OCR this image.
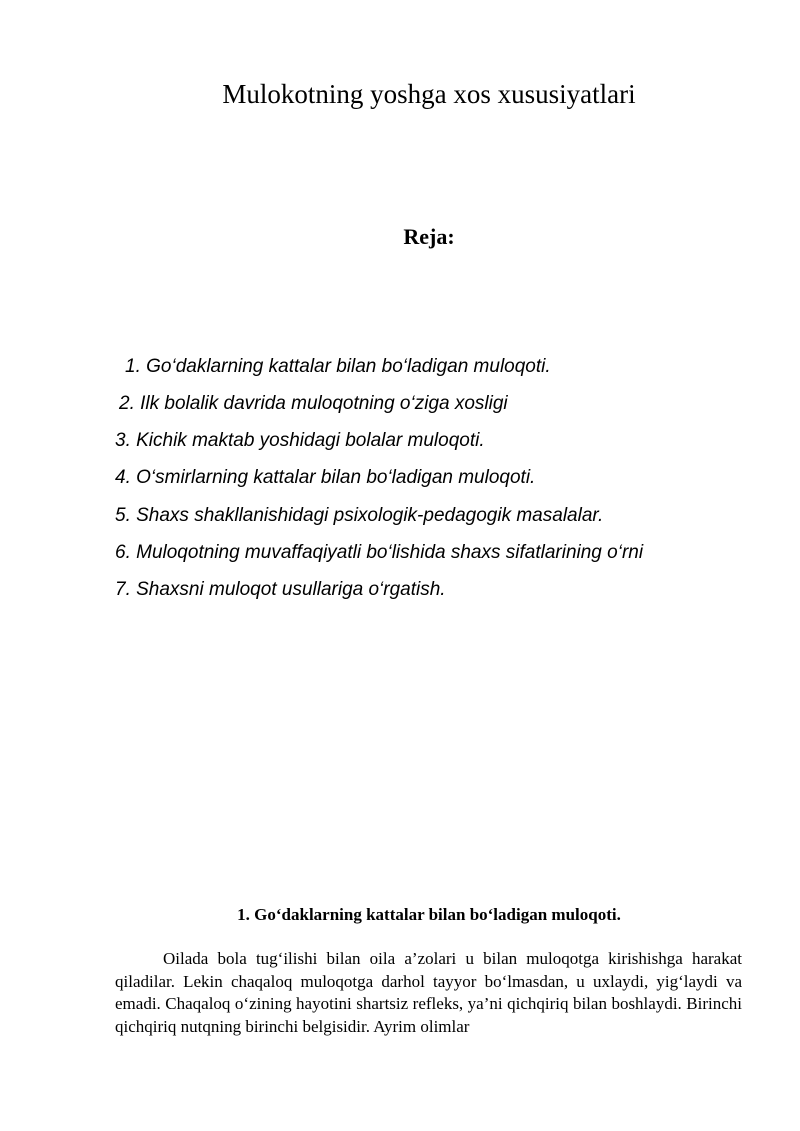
Mulokotning yoshga xos xususiyatlari
Reja:
1. Go‘daklarning kattalar bilan bo‘ladigan muloqoti.
2. Ilk bolalik davrida muloqotning o‘ziga xosligi
3. Kichik maktab yoshidagi bolalar muloqoti.
4. O‘smirlarning kattalar bilan bo‘ladigan muloqoti.
5. Shaxs shakllanishidagi psixologik-pedagogik masalalar.
6. Muloqotning muvaffaqiyatli bo‘lishida shaxs sifatlarining o‘rni
7. Shaxsni muloqot usullariga o‘rgatish.
1. Go‘daklarning kattalar bilan bo‘ladigan muloqoti.

Oilada bola tug‘ilishi bilan oila a’zolari u bilan muloqotga kirishishga harakat qiladilar. Lekin chaqaloq muloqotga darhol tayyor bo‘lmasdan, u uxlaydi, yig‘laydi va emadi. Chaqaloq o‘zining hayotini shartsiz refleks, ya’ni qichqiriq bilan boshlaydi. Birinchi qichqiriq nutqning birinchi belgisidir. Ayrim olimlar
